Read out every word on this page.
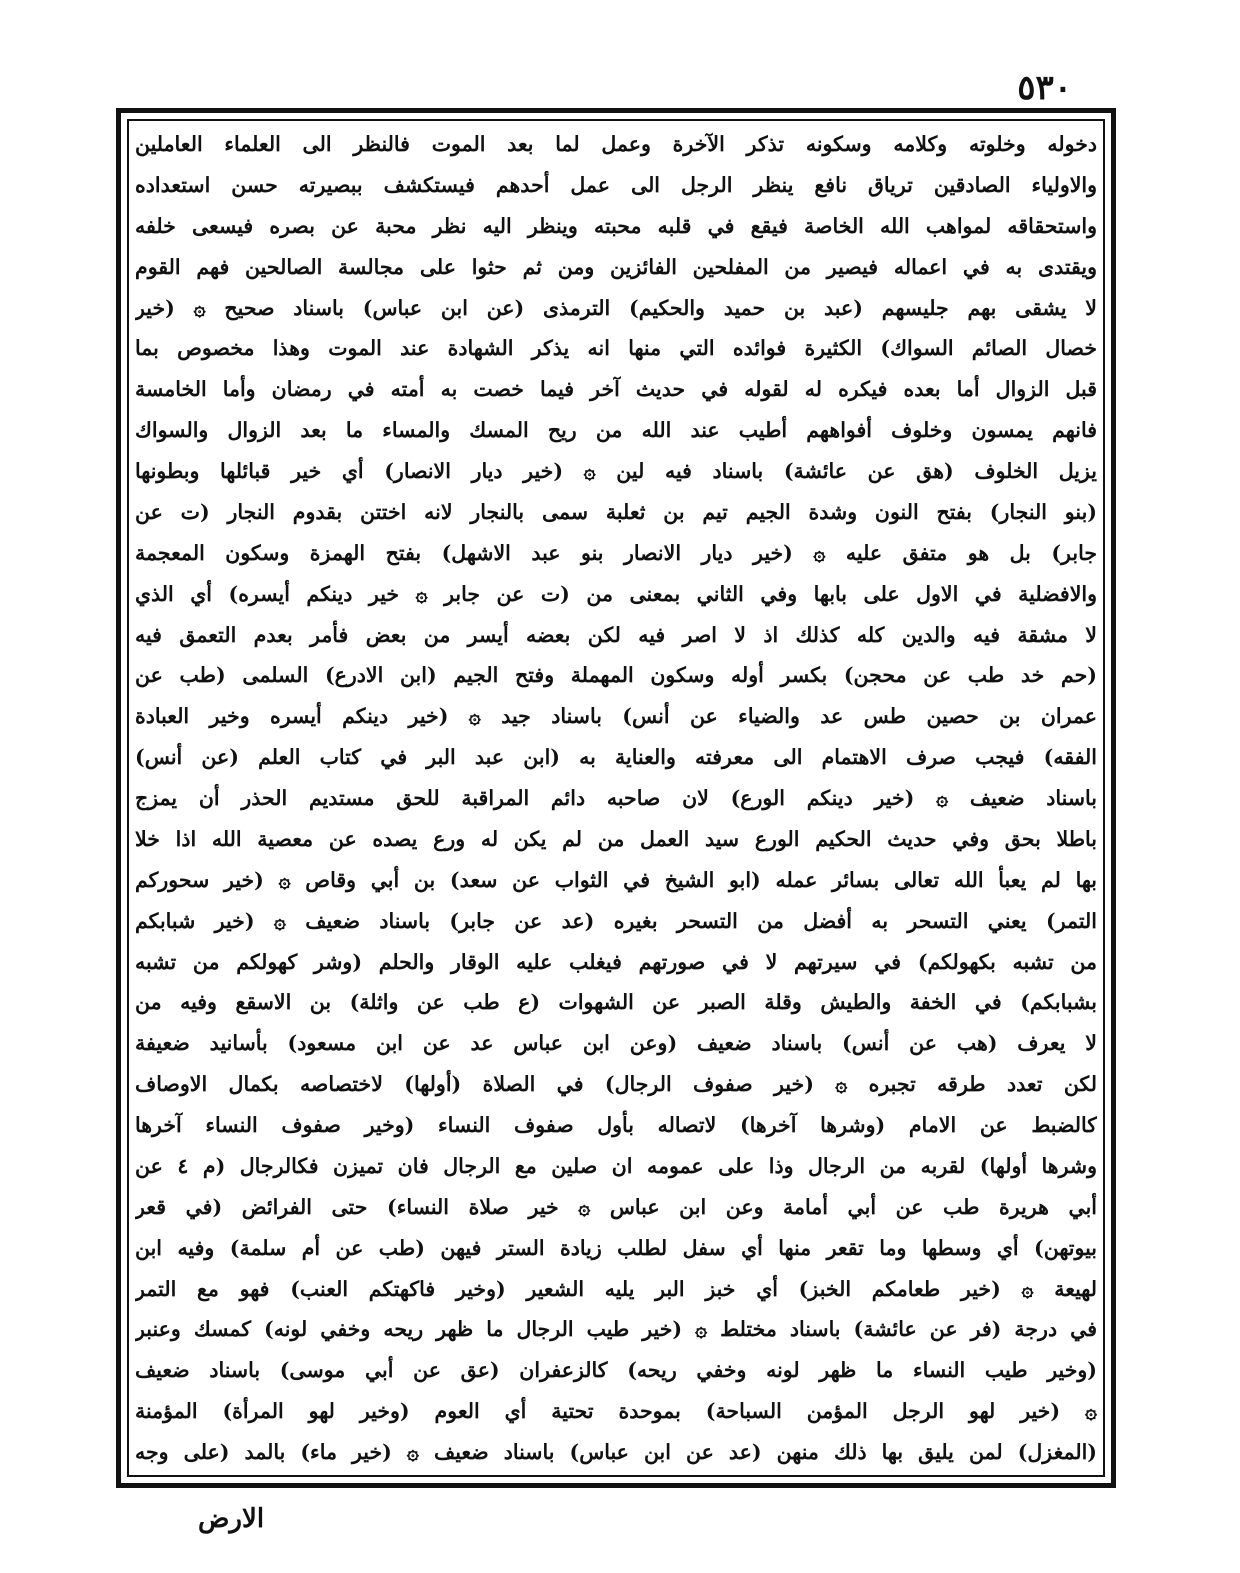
٥٣٠
دخوله وخلوته وكلامه وسكونه تذكر الآخرة وعمل لما بعد الموت فالنظر الى العلماء العاملين
والاولياء الصادقين ترياق نافع ينظر الرجل الى عمل أحدهم فيستكشف ببصيرته حسن استعداده
واستحقاقه لمواهب الله الخاصة فيقع في قلبه محبته وينظر اليه نظر محبة عن بصره فيسعى خلفه
ويقتدى به في اعماله فيصير من المفلحين الفائزين ومن ثم حثوا على مجالسة الصالحين فهم القوم
لا يشقى بهم جليسهم (عبد بن حميد والحكيم) الترمذى (عن ابن عباس) باسناد صحيح ۞ (خير
خصال الصائم السواك) الكثيرة فوائده التي منها انه يذكر الشهادة عند الموت وهذا مخصوص بما
قبل الزوال أما بعده فيكره له لقوله في حديث آخر فيما خصت به أمته في رمضان وأما الخامسة
فانهم يمسون وخلوف أفواههم أطيب عند الله من ريح المسك والمساء ما بعد الزوال والسواك
يزيل الخلوف (هق عن عائشة) باسناد فيه لين ۞ (خير ديار الانصار) أي خير قبائلها وبطونها
(بنو النجار) بفتح النون وشدة الجيم تيم بن ثعلبة سمى بالنجار لانه اختتن بقدوم النجار (ت عن
جابر) بل هو متفق عليه ۞ (خير ديار الانصار بنو عبد الاشهل) بفتح الهمزة وسكون المعجمة
والافضلية في الاول على بابها وفي الثاني بمعنى من (ت عن جابر ۞ خير دينكم أيسره) أي الذي
لا مشقة فيه والدين كله كذلك اذ لا اصر فيه لكن بعضه أيسر من بعض فأمر بعدم التعمق فيه
(حم خد طب عن محجن) بكسر أوله وسكون المهملة وفتح الجيم (ابن الادرع) السلمى (طب عن
عمران بن حصين طس عد والضياء عن أنس) باسناد جيد ۞ (خير دينكم أيسره وخير العبادة
الفقه) فيجب صرف الاهتمام الى معرفته والعناية به (ابن عبد البر في كتاب العلم (عن أنس)
باسناد ضعيف ۞ (خير دينكم الورع) لان صاحبه دائم المراقبة للحق مستديم الحذر أن يمزج
باطلا بحق وفي حديث الحكيم الورع سيد العمل من لم يكن له ورع يصده عن معصية الله اذا خلا
بها لم يعبأ الله تعالى بسائر عمله (ابو الشيخ في الثواب عن سعد) بن أبي وقاص ۞ (خير سحوركم
التمر) يعني التسحر به أفضل من التسحر بغيره (عد عن جابر) باسناد ضعيف ۞ (خير شبابكم
من تشبه بكهولكم) في سيرتهم لا في صورتهم فيغلب عليه الوقار والحلم (وشر كهولكم من تشبه
بشبابكم) في الخفة والطيش وقلة الصبر عن الشهوات (ع طب عن واثلة) بن الاسقع وفيه من
لا يعرف (هب عن أنس) باسناد ضعيف (وعن ابن عباس عد عن ابن مسعود) بأسانيد ضعيفة
لكن تعدد طرقه تجبره ۞ (خير صفوف الرجال) في الصلاة (أولها) لاختصاصه بكمال الاوصاف
كالضبط عن الامام (وشرها آخرها) لاتصاله بأول صفوف النساء (وخير صفوف النساء آخرها
وشرها أولها) لقربه من الرجال وذا على عمومه ان صلين مع الرجال فان تميزن فكالرجال (م ٤ عن
أبي هريرة طب عن أبي أمامة وعن ابن عباس ۞ خير صلاة النساء) حتى الفرائض (في قعر
بيوتهن) أي وسطها وما تقعر منها أي سفل لطلب زيادة الستر فيهن (طب عن أم سلمة) وفيه ابن
لهيعة ۞ (خير طعامكم الخبز) أي خبز البر يليه الشعير (وخير فاكهتكم العنب) فهو مع التمر
في درجة (فر عن عائشة) باسناد مختلط ۞ (خير طيب الرجال ما ظهر ريحه وخفي لونه) كمسك وعنبر
(وخير طيب النساء ما ظهر لونه وخفي ريحه) كالزعفران (عق عن أبي موسى) باسناد ضعيف
۞ (خير لهو الرجل المؤمن السباحة) بموحدة تحتية أي العوم (وخير لهو المرأة) المؤمنة
(المغزل) لمن يليق بها ذلك منهن (عد عن ابن عباس) باسناد ضعيف ۞ (خير ماء) بالمد (على وجه
الارض
